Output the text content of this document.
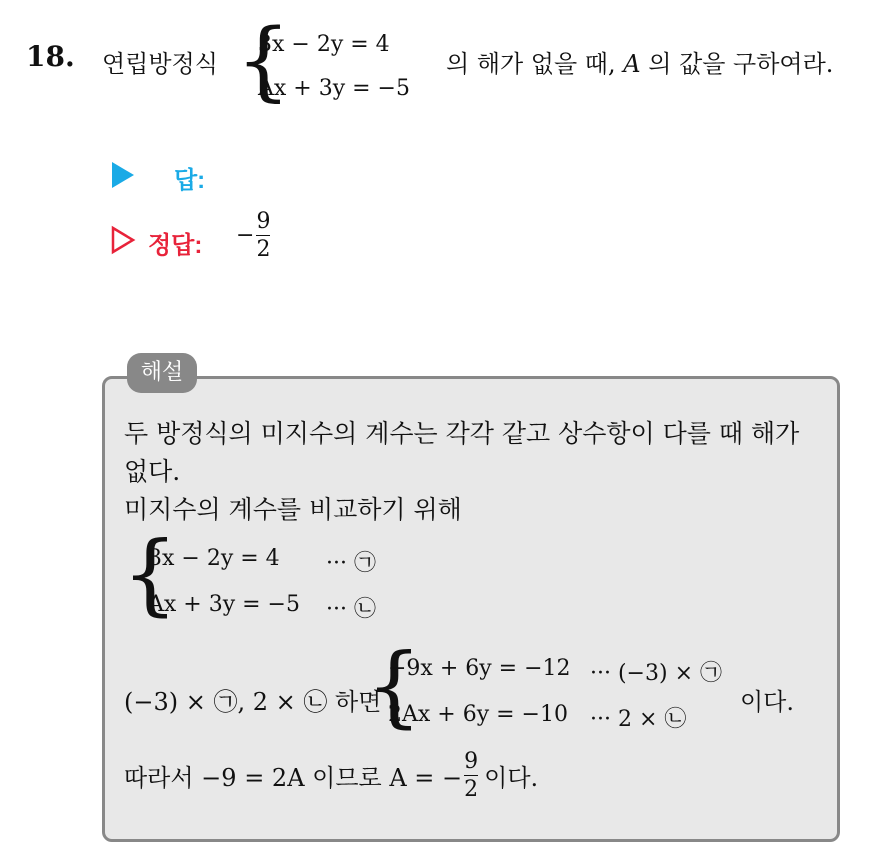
18. 연립방정식 {
3x − 2y = 4
Ax + 3y = −5
의 해가 없을 때, A 의 값을 구하여라.
답:
정답: − $\frac{9}{2}$
해설
두 방정식의 미지수의 계수는 각각 같고 상수항이 다를 때 해가
없다.
미지수의 계수를 비교하기 위해
{
3x − 2y = 4 ··· ㉠
Ax + 3y = −5 ··· ㉡
(−3) × ㉠, 2 × ㉡ 하면
{
−9x + 6y = −12 ··· (−3) × ㉠
2Ax + 6y = −10 ··· 2 × ㉡
이다.
따라서 −9 = 2A 이므로 A = − $\frac{9}{2}$ 이다.
